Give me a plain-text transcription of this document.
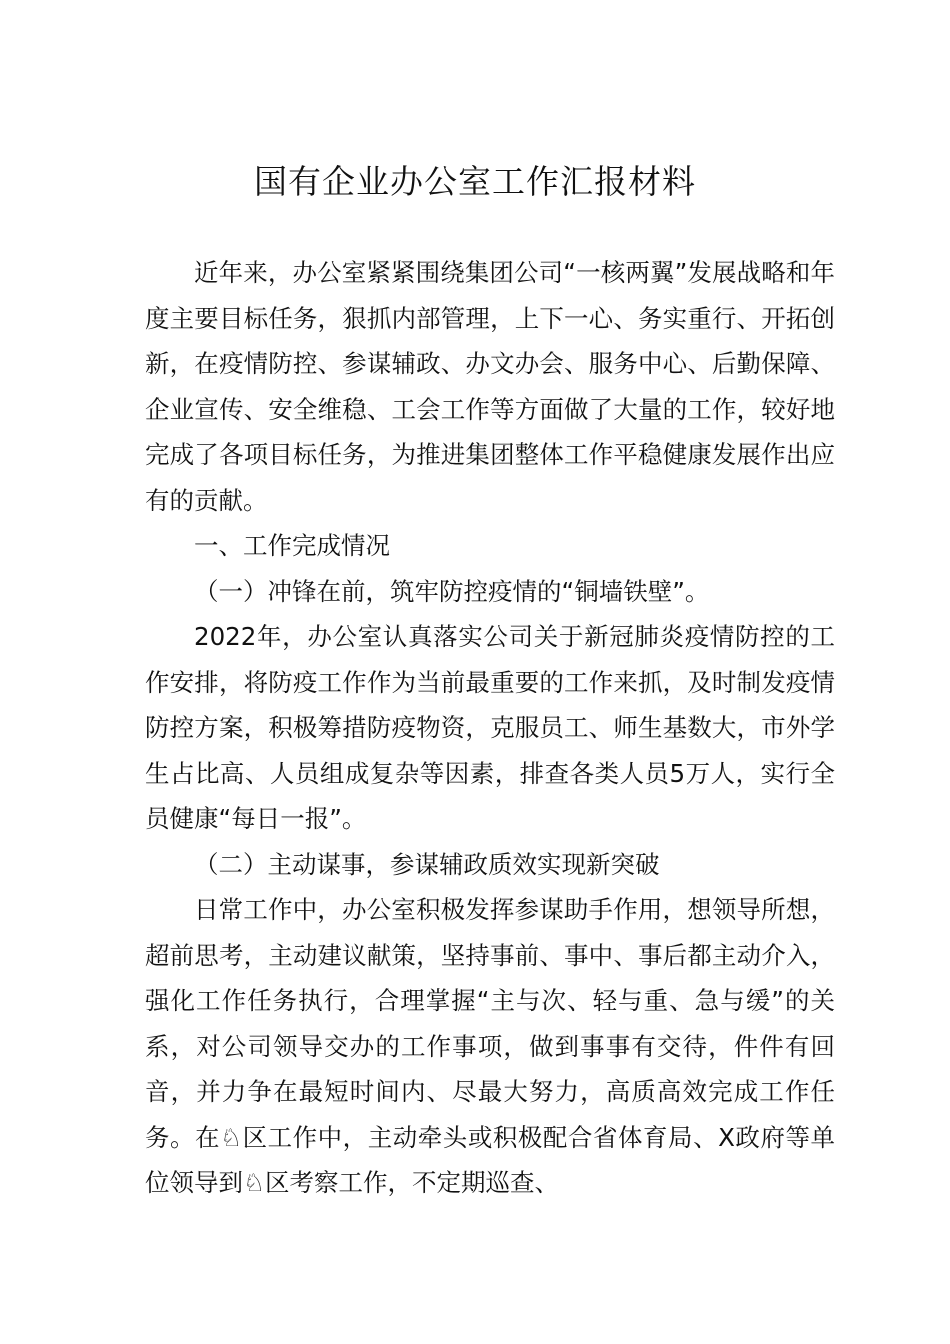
国有企业办公室工作汇报材料

近年来，办公室紧紧围绕集团公司“一核两翼”发展战略和年度主要目标任务，狠抓内部管理，上下一心、务实重行、开拓创新，在疫情防控、参谋辅政、办文办会、服务中心、后勤保障、企业宣传、安全维稳、工会工作等方面做了大量的工作，较好地完成了各项目标任务，为推进集团整体工作平稳健康发展作出应有的贡献。

一、工作完成情况

（一）冲锋在前，筑牢防控疫情的“铜墙铁壁”。

2022年，办公室认真落实公司关于新冠肺炎疫情防控的工作安排，将防疫工作作为当前最重要的工作来抓，及时制发疫情防控方案，积极筹措防疫物资，克服员工、师生基数大，市外学生占比高、人员组成复杂等因素，排查各类人员5万人，实行全员健康“每日一报”。

（二）主动谋事，参谋辅政质效实现新突破

日常工作中，办公室积极发挥参谋助手作用，想领导所想，超前思考，主动建议献策，坚持事前、事中、事后都主动介入，强化工作任务执行，合理掌握“主与次、轻与重、急与缓”的关系，对公司领导交办的工作事项，做到事事有交待，件件有回音，并力争在最短时间内、尽最大努力，高质高效完成工作任务。在♘区工作中，主动牵头或积极配合省体育局、X政府等单位领导到♘区考察工作，不定期巡查、
